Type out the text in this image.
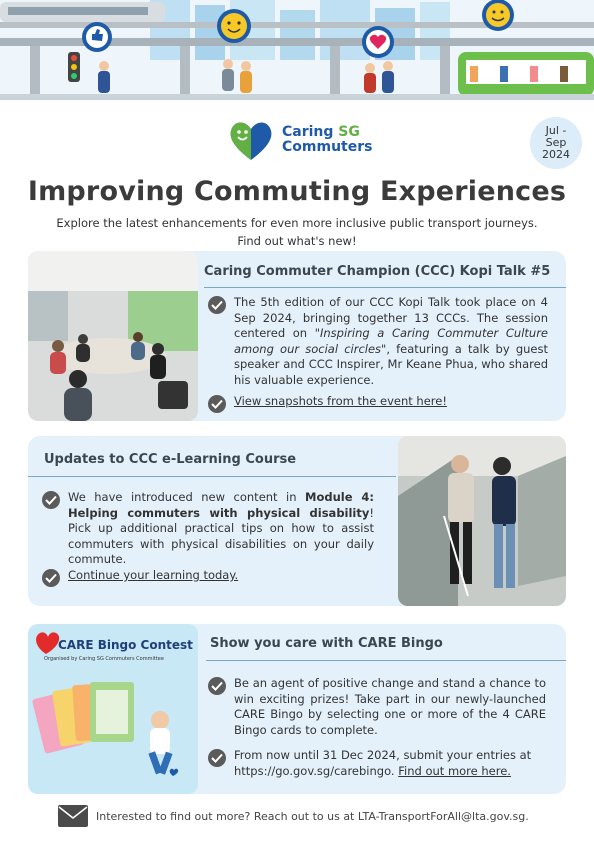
Caring SG
Commuters
Jul -
Sep
2024
Improving Commuting Experiences
Explore the latest enhancements for even more inclusive public transport journeys.
Find out what's new!
Caring Commuter Champion (CCC) Kopi Talk #5
The 5th edition of our CCC Kopi Talk took place on 4 Sep 2024, bringing together 13 CCCs. The session centered on "Inspiring a Caring Commuter Culture among our social circles", featuring a talk by guest speaker and CCC Inspirer, Mr Keane Phua, who shared his valuable experience.
View snapshots from the event here!
Updates to CCC e-Learning Course
We have introduced new content in Module 4: Helping commuters with physical disability! Pick up additional practical tips on how to assist commuters with physical disabilities on your daily commute.
Continue your learning today.
CARE Bingo Contest
Organised by Caring SG Commuters Committee
Show you care with CARE Bingo
Be an agent of positive change and stand a chance to win exciting prizes! Take part in our newly-launched CARE Bingo by selecting one or more of the 4 CARE Bingo cards to complete.
From now until 31 Dec 2024, submit your entries at https://go.gov.sg/carebingo. Find out more here.
Interested to find out more? Reach out to us at LTA-TransportForAll@lta.gov.sg.
